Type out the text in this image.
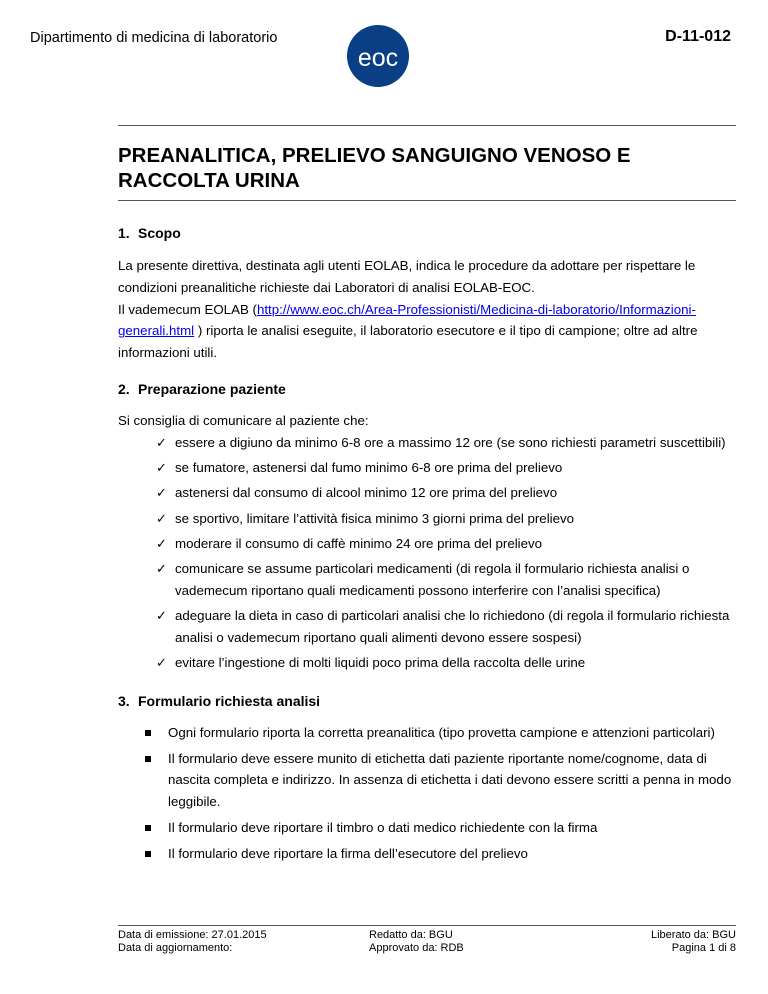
Dipartimento di medicina di laboratorio
eoc
D-11-012
PREANALITICA, PRELIEVO SANGUIGNO VENOSO E
RACCOLTA URINA
1. Scopo

La presente direttiva, destinata agli utenti EOLAB, indica le procedure da adottare per rispettare le condizioni preanalitiche richieste dai Laboratori di analisi EOLAB-EOC.

Il vademecum EOLAB (http://www.eoc.ch/Area-Professionisti/Medicina-di-laboratorio/Informazioni-generali.html ) riporta le analisi eseguite, il laboratorio esecutore e il tipo di campione; oltre ad altre informazioni utili.

2. Preparazione paziente

Si consiglia di comunicare al paziente che:

✓ essere a digiuno da minimo 6-8 ore a massimo 12 ore (se sono richiesti parametri suscettibili)
✓ se fumatore, astenersi dal fumo minimo 6-8 ore prima del prelievo
✓ astenersi dal consumo di alcool minimo 12 ore prima del prelievo
✓ se sportivo, limitare l’attività fisica minimo 3 giorni prima del prelievo
✓ moderare il consumo di caffè minimo 24 ore prima del prelievo
✓ comunicare se assume particolari medicamenti (di regola il formulario richiesta analisi o vademecum riportano quali medicamenti possono interferire con l’analisi specifica)
✓ adeguare la dieta in caso di particolari analisi che lo richiedono (di regola il formulario richiesta analisi o vademecum riportano quali alimenti devono essere sospesi)
✓ evitare l’ingestione di molti liquidi poco prima della raccolta delle urine
3. Formulario richiesta analisi
Ogni formulario riporta la corretta preanalitica (tipo provetta campione e attenzioni particolari)
Il formulario deve essere munito di etichetta dati paziente riportante nome/cognome, data di nascita completa e indirizzo. In assenza di etichetta i dati devono essere scritti a penna in modo leggibile.
Il formulario deve riportare il timbro o dati medico richiedente con la firma
Il formulario deve riportare la firma dell’esecutore del prelievo
Data di emissione: 27.01.2015
Data di aggiornamento:
Redatto da: BGU
Approvato da: RDB
Liberato da: BGU
Pagina 1 di 8
